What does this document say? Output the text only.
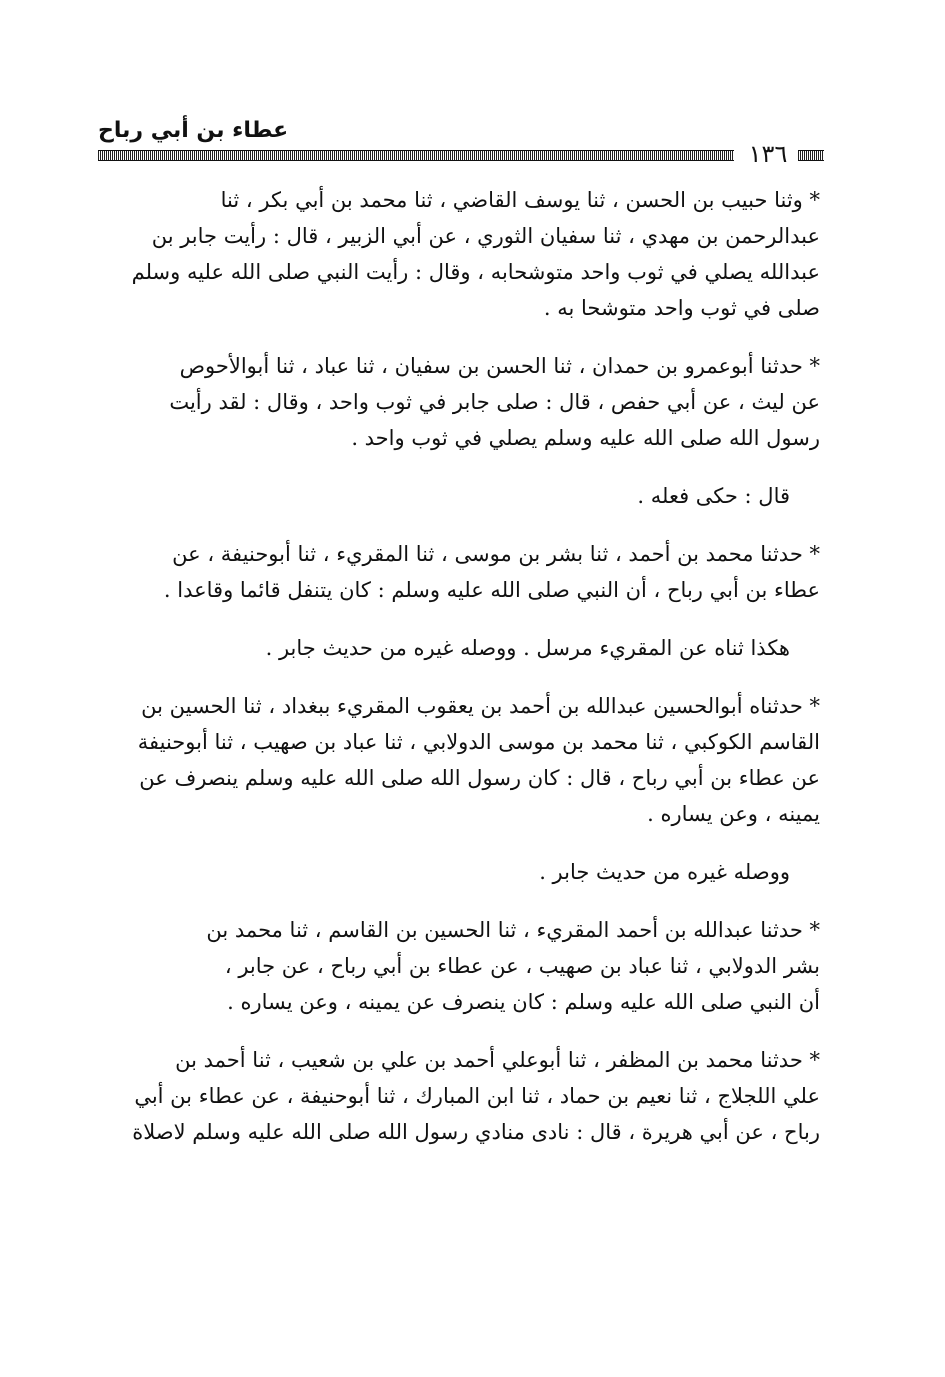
عطاء بن أبي رباح
١٣٦

* وثنا حبيب بن الحسن ، ثنا يوسف القاضي ، ثنا محمد بن أبي بكر ، ثنا

عبدالرحمن بن مهدي ، ثنا سفيان الثوري ، عن أبي الزبير ، قال : رأيت جابر بن

عبدالله يصلي في ثوب واحد متوشحابه ، وقال : رأيت النبي صلى الله عليه وسلم

صلى في ثوب واحد متوشحا به .

* حدثنا أبوعمرو بن حمدان ، ثنا الحسن بن سفيان ، ثنا عباد ، ثنا أبوالأحوص

عن ليث ، عن أبي حفص ، قال : صلى جابر في ثوب واحد ، وقال : لقد رأيت

رسول الله صلى الله عليه وسلم يصلي في ثوب واحد .

قال : حكى فعله .

* حدثنا محمد بن أحمد ، ثنا بشر بن موسى ، ثنا المقريء ، ثنا أبوحنيفة ، عن

عطاء بن أبي رباح ، أن النبي صلى الله عليه وسلم : كان يتنفل قائما وقاعدا .

هكذا ثناه عن المقريء مرسل . ووصله غيره من حديث جابر .

* حدثناه أبوالحسين عبدالله بن أحمد بن يعقوب المقريء ببغداد ، ثنا الحسين بن

القاسم الكوكبي ، ثنا محمد بن موسى الدولابي ، ثنا عباد بن صهيب ، ثنا أبوحنيفة

عن عطاء بن أبي رباح ، قال : كان رسول الله صلى الله عليه وسلم ينصرف عن

يمينه ، وعن يساره .

ووصله غيره من حديث جابر .

* حدثنا عبدالله بن أحمد المقريء ، ثنا الحسين بن القاسم ، ثنا محمد بن

بشر الدولابي ، ثنا عباد بن صهيب ، عن عطاء بن أبي رباح ، عن جابر ،

أن النبي صلى الله عليه وسلم : كان ينصرف عن يمينه ، وعن يساره .

* حدثنا محمد بن المظفر ، ثنا أبوعلي أحمد بن علي بن شعيب ، ثنا أحمد بن

علي اللجلاج ، ثنا نعيم بن حماد ، ثنا ابن المبارك ، ثنا أبوحنيفة ، عن عطاء بن أبي

رباح ، عن أبي هريرة ، قال : نادى منادي رسول الله صلى الله عليه وسلم لاصلاة
